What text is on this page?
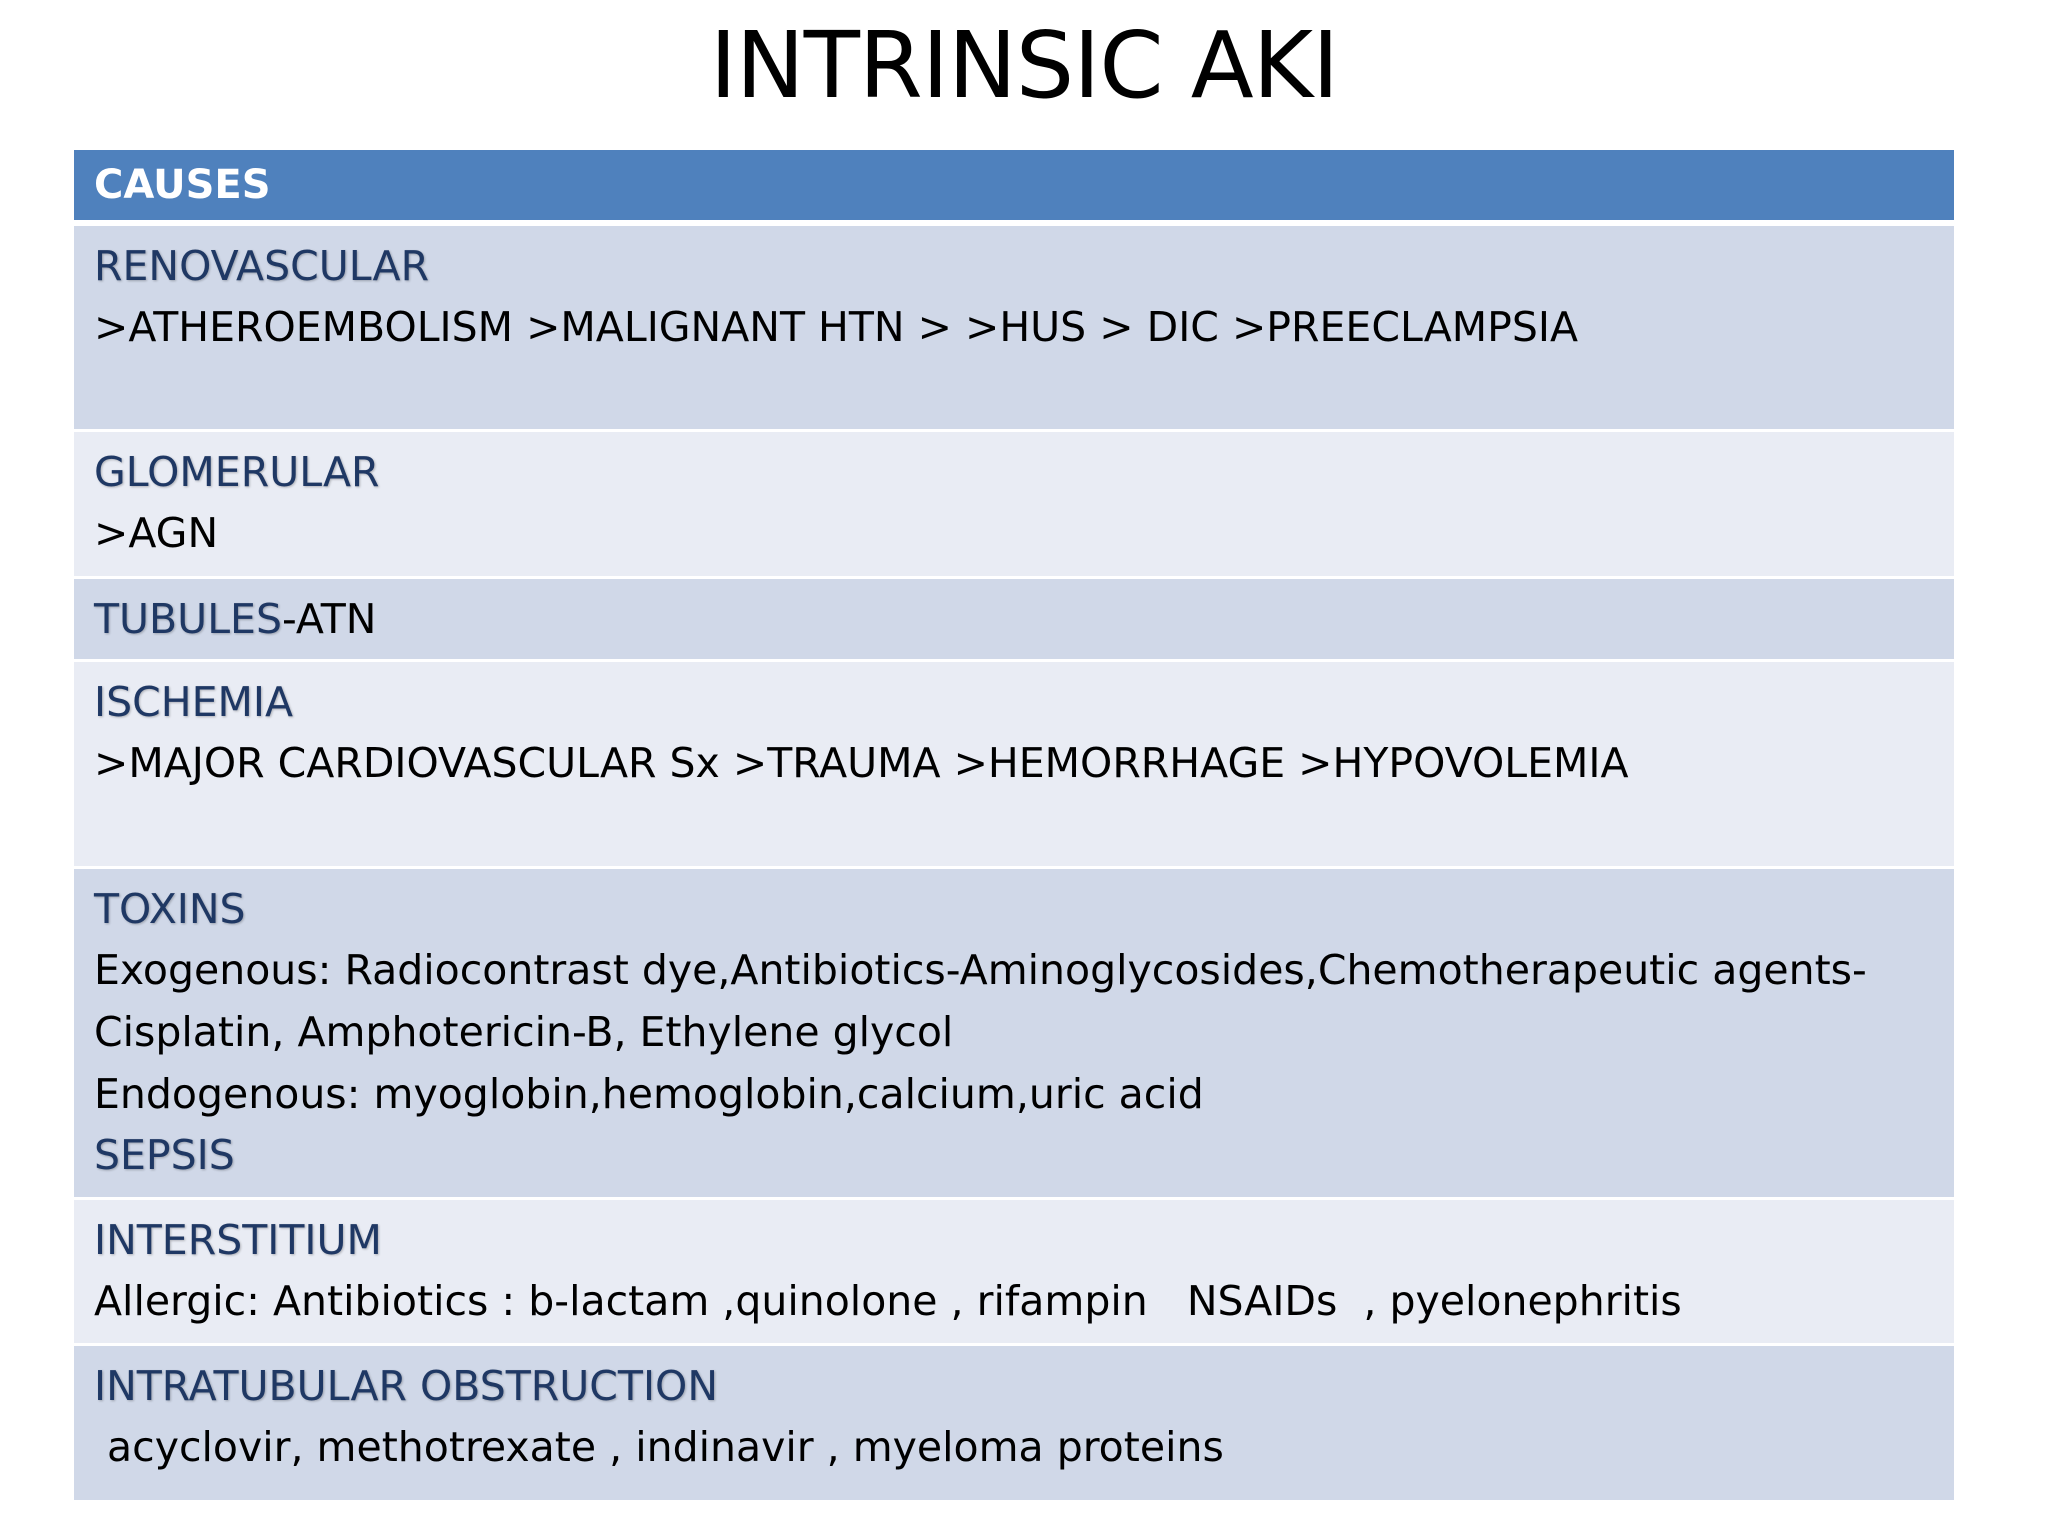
INTRINSIC AKI
CAUSES
RENOVASCULAR
>ATHEROEMBOLISM >MALIGNANT HTN > >HUS > DIC >PREECLAMPSIA
GLOMERULAR
>AGN
TUBULES-ATN
ISCHEMIA
>MAJOR CARDIOVASCULAR Sx >TRAUMA >HEMORRHAGE >HYPOVOLEMIA
TOXINS
Exogenous: Radiocontrast dye,Antibiotics-Aminoglycosides,Chemotherapeutic agents-
Cisplatin, Amphotericin-B, Ethylene glycol
Endogenous: myoglobin,hemoglobin,calcium,uric acid
SEPSIS
INTERSTITIUM
Allergic: Antibiotics : b-lactam ,quinolone , rifampin   NSAIDs  , pyelonephritis
INTRATUBULAR OBSTRUCTION
acyclovir, methotrexate , indinavir , myeloma proteins
